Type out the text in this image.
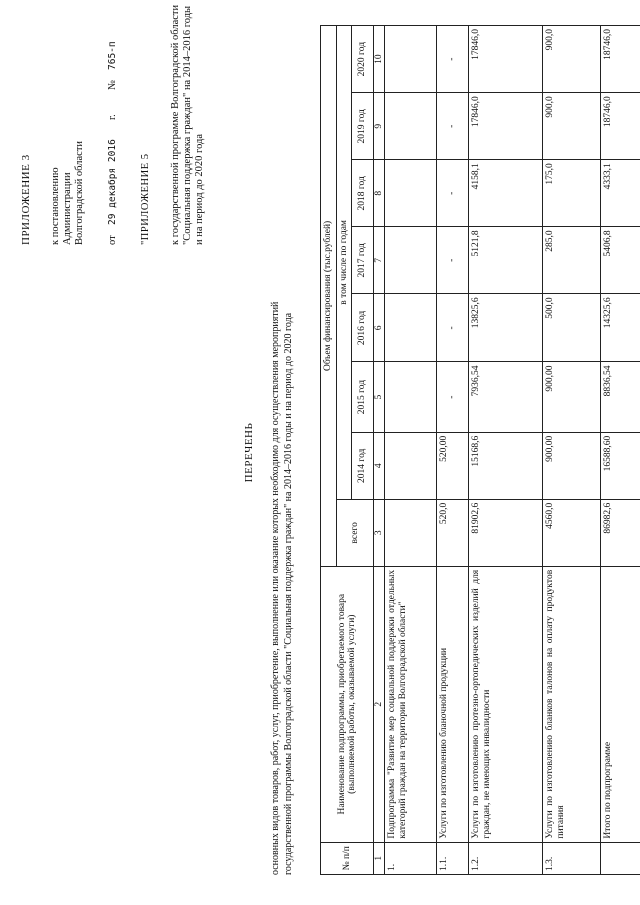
ПРИЛОЖЕНИЕ 3 к постановлению Администрации Волгоградской области от
29 декабря 2016
г.
№
765-п
"ПРИЛОЖЕНИЕ 5 к государственной программе Волгоградской области "Социальная поддержка граждан" на 2014–2016 годы и на период до 2020 года
ПЕРЕЧЕНЬ основных видов товаров, работ, услуг, приобретение, выполнение или оказание которых необходимо для осуществления мероприятий государственной программы Волгоградской области "Социальная поддержка граждан" на 2014–2016 годы и на период до 2020 года	№ п/п	Наименование подпрограммы, приобретаемого товара (выполняемой работы, оказываемой услуги)	Объем финансирования (тыс.рублей)							
		всего	в том числе по годам						
			2014 год	2015 год	2016 год	2017 год	2018 год	2019 год	2020 год
1	2	3	4	5	6	7	8	9	10
1.	Подпрограмма "Развитие мер социальной поддержки отдельных категорий граждан на территории Волгоградской области"								
1.1.	Услуги по изготовлению бланочной продукции	520,0	520,00	-	-	-	-	-	-
1.2.	Услуги по изготовлению протезно-ортопедических изделий для граждан, не имеющих инвалидности	81902,6	15168,6	7936,54	13825,6	5121,8	4158,1	17846,0	17846,0
1.3.	Услуги по изготовлению бланков талонов на оплату продуктов питания	4560,0	900,00	900,00	500,0	285,0	175,0	900,0	900,0
	Итого по подпрограмме	86982,6	16588,60	8836,54	14325,6	5406,8	4333,1	18746,0	18746,0
